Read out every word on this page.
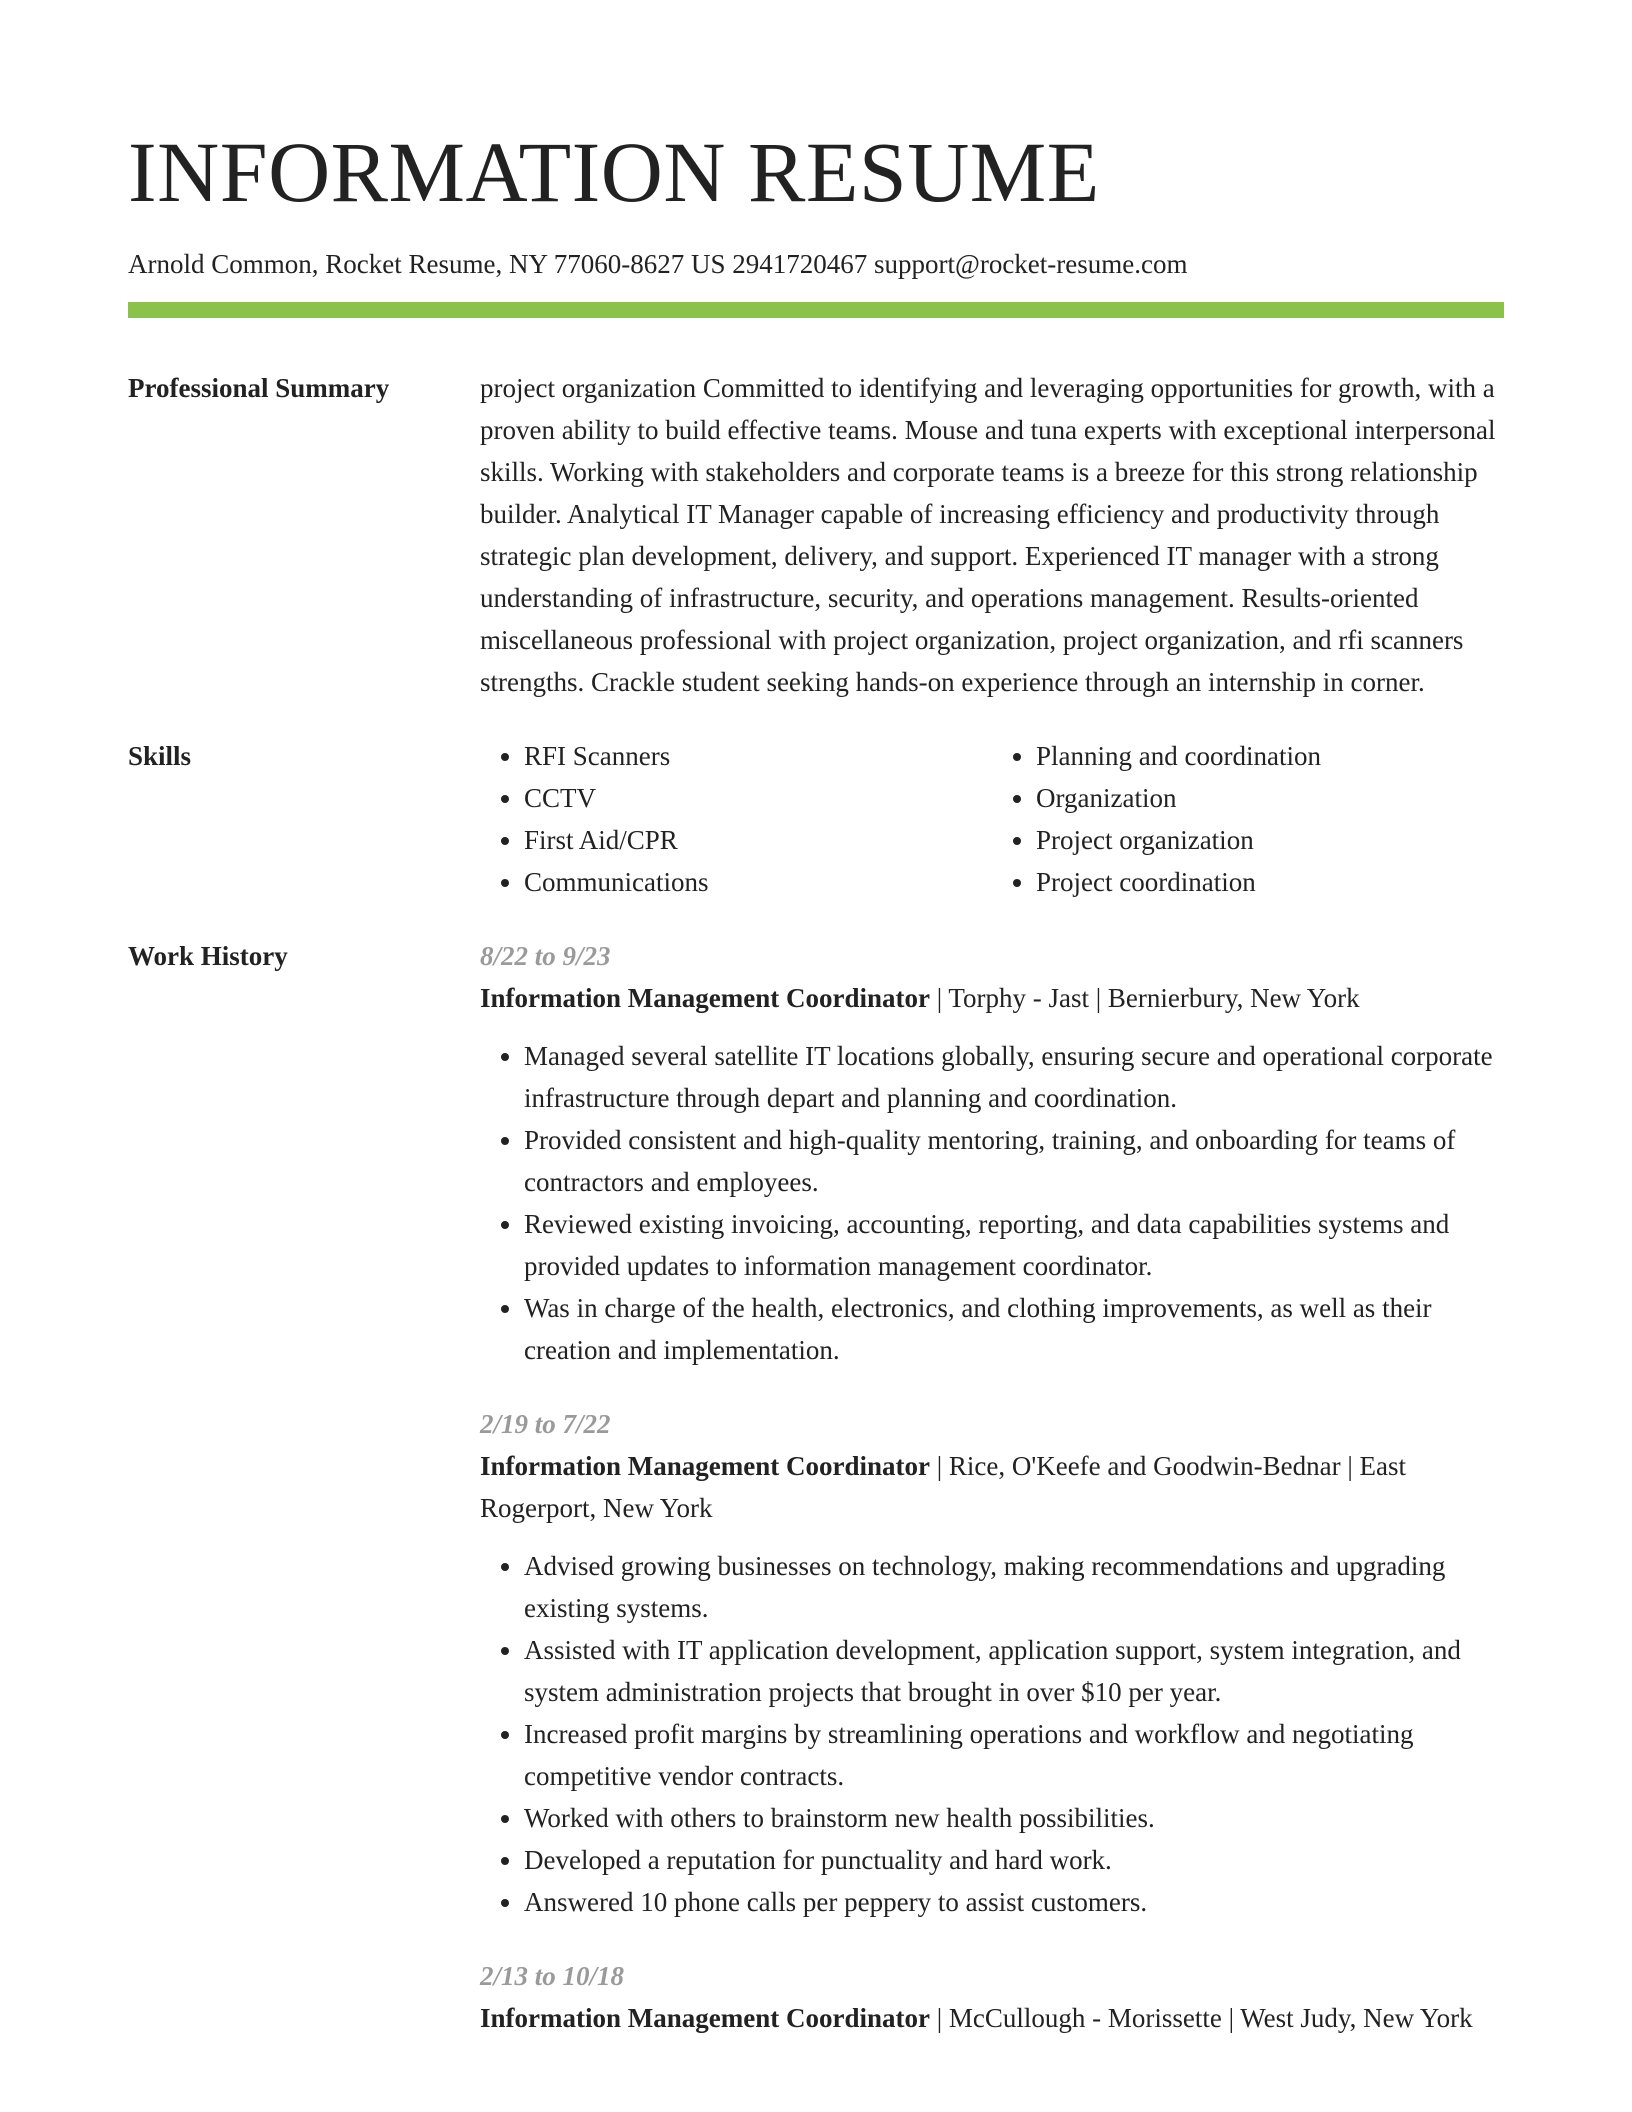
INFORMATION RESUME
Arnold Common, Rocket Resume, NY 77060-8627 US 2941720467 support@rocket-resume.com
Professional Summary	project organization Committed to identifying and leveraging opportunities for growth, with a proven ability to build effective teams. Mouse and tuna experts with exceptional interpersonal skills. Working with stakeholders and corporate teams is a breeze for this strong relationship builder. Analytical IT Manager capable of increasing efficiency and productivity through strategic plan development, delivery, and support. Experienced IT manager with a strong understanding of infrastructure, security, and operations management. Results-oriented miscellaneous professional with project organization, project organization, and rfi scanners strengths. Crackle student seeking hands-on experience through an internship in corner.
Skills
•	RFI Scanners
• CCTV
• First Aid/CPR
• Communications
• Planning and coordination
• Organization
• Project organization
• Project coordination
Work History	8/22 to 9/23
Information Management Coordinator | Torphy - Jast | Bernierbury, New York
• Managed several satellite IT locations globally, ensuring secure and operational corporate infrastructure through depart and planning and coordination.
• Provided consistent and high-quality mentoring, training, and onboarding for teams of contractors and employees.
• Reviewed existing invoicing, accounting, reporting, and data capabilities systems and provided updates to information management coordinator.
• Was in charge of the health, electronics, and clothing improvements, as well as their creation and implementation.
2/19 to 7/22
Information Management Coordinator | Rice, O'Keefe and Goodwin-Bednar | East Rogerport, New York
• Advised growing businesses on technology, making recommendations and upgrading existing systems.
• Assisted with IT application development, application support, system integration, and system administration projects that brought in over $10 per year.
• Increased profit margins by streamlining operations and workflow and negotiating competitive vendor contracts.
• Worked with others to brainstorm new health possibilities.
• Developed a reputation for punctuality and hard work.
• Answered 10 phone calls per peppery to assist customers.
2/13 to 10/18
Information Management Coordinator | McCullough - Morissette | West Judy, New York
